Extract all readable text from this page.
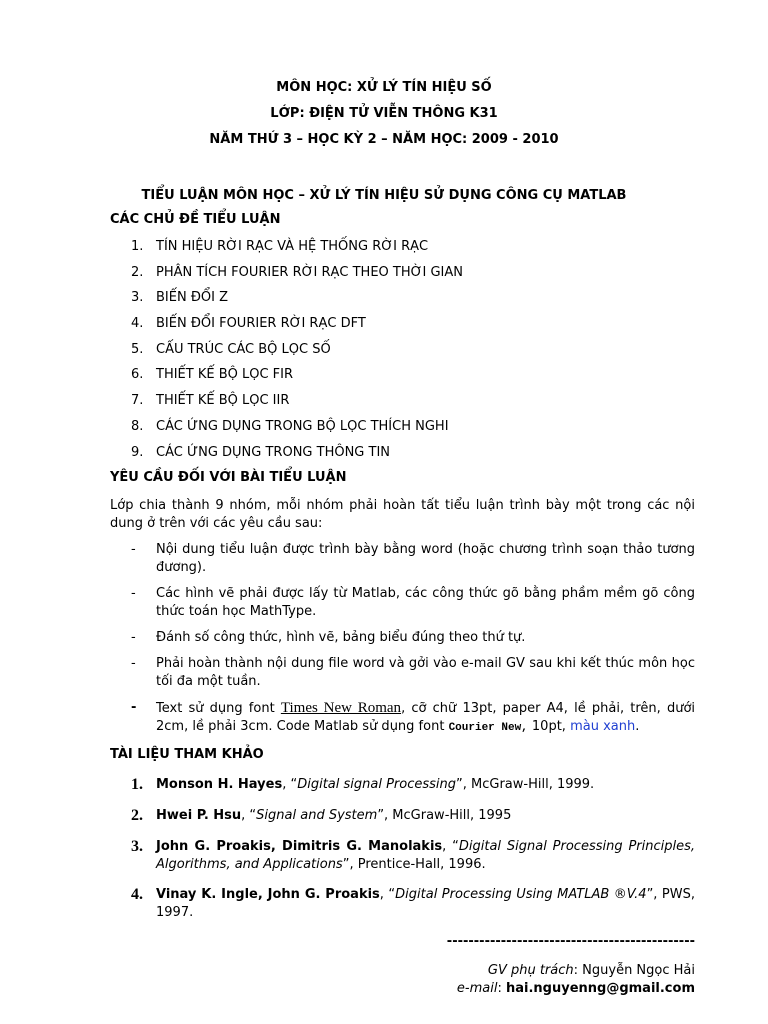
MÔN HỌC: XỬ LÝ TÍN HIỆU SỐ
LỚP: ĐIỆN TỬ VIỄN THÔNG K31
NĂM THỨ 3 – HỌC KỲ 2 – NĂM HỌC: 2009 - 2010
TIỂU LUẬN MÔN HỌC – XỬ LÝ TÍN HIỆU SỬ DỤNG CÔNG CỤ MATLAB
CÁC CHỦ ĐỀ TIỂU LUẬN
1. TÍN HIỆU RỜI RẠC VÀ HỆ THỐNG RỜI RẠC
2. PHÂN TÍCH FOURIER RỜI RẠC THEO THỜI GIAN
3. BIẾN ĐỔI Z
4. BIẾN ĐỔI FOURIER RỜI RẠC DFT
5. CẤU TRÚC CÁC BỘ LỌC SỐ
6. THIẾT KẾ BỘ LỌC FIR
7. THIẾT KẾ BỘ LỌC IIR
8. CÁC ỨNG DỤNG TRONG BỘ LỌC THÍCH NGHI
9. CÁC ỨNG DỤNG TRONG THÔNG TIN
YÊU CẦU ĐỐI VỚI BÀI TIỂU LUẬN
Lớp chia thành 9 nhóm, mỗi nhóm phải hoàn tất tiểu luận trình bày một trong các nội dung ở trên với các yêu cầu sau:
- Nội dung tiểu luận được trình bày bằng word (hoặc chương trình soạn thảo tương đương).
- Các hình vẽ phải được lấy từ Matlab, các công thức gõ bằng phầm mềm gõ công thức toán học MathType.
- Đánh số công thức, hình vẽ, bảng biểu đúng theo thứ tự.
- Phải hoàn thành nội dung file word và gởi vào e-mail GV sau khi kết thúc môn học tối đa một tuần.
- Text sử dụng font Times New Roman, cỡ chữ 13pt, paper A4, lề phải, trên, dưới 2cm, lề phải 3cm. Code Matlab sử dụng font Courier New, 10pt, màu xanh.
TÀI LIỆU THAM KHẢO
1. Monson H. Hayes, “Digital signal Processing”, McGraw-Hill, 1999.
2. Hwei P. Hsu, “Signal and System”, McGraw-Hill, 1995
3. John G. Proakis, Dimitris G. Manolakis, “Digital Signal Processing Principles, Algorithms, and Applications”, Prentice-Hall, 1996.
4. Vinay K. Ingle, John G. Proakis, “Digital Processing Using MATLAB ®V.4”, PWS, 1997.
----------------------------------------------
GV phụ trách: Nguyễn Ngọc Hải
e-mail: hai.nguyenng@gmail.com
